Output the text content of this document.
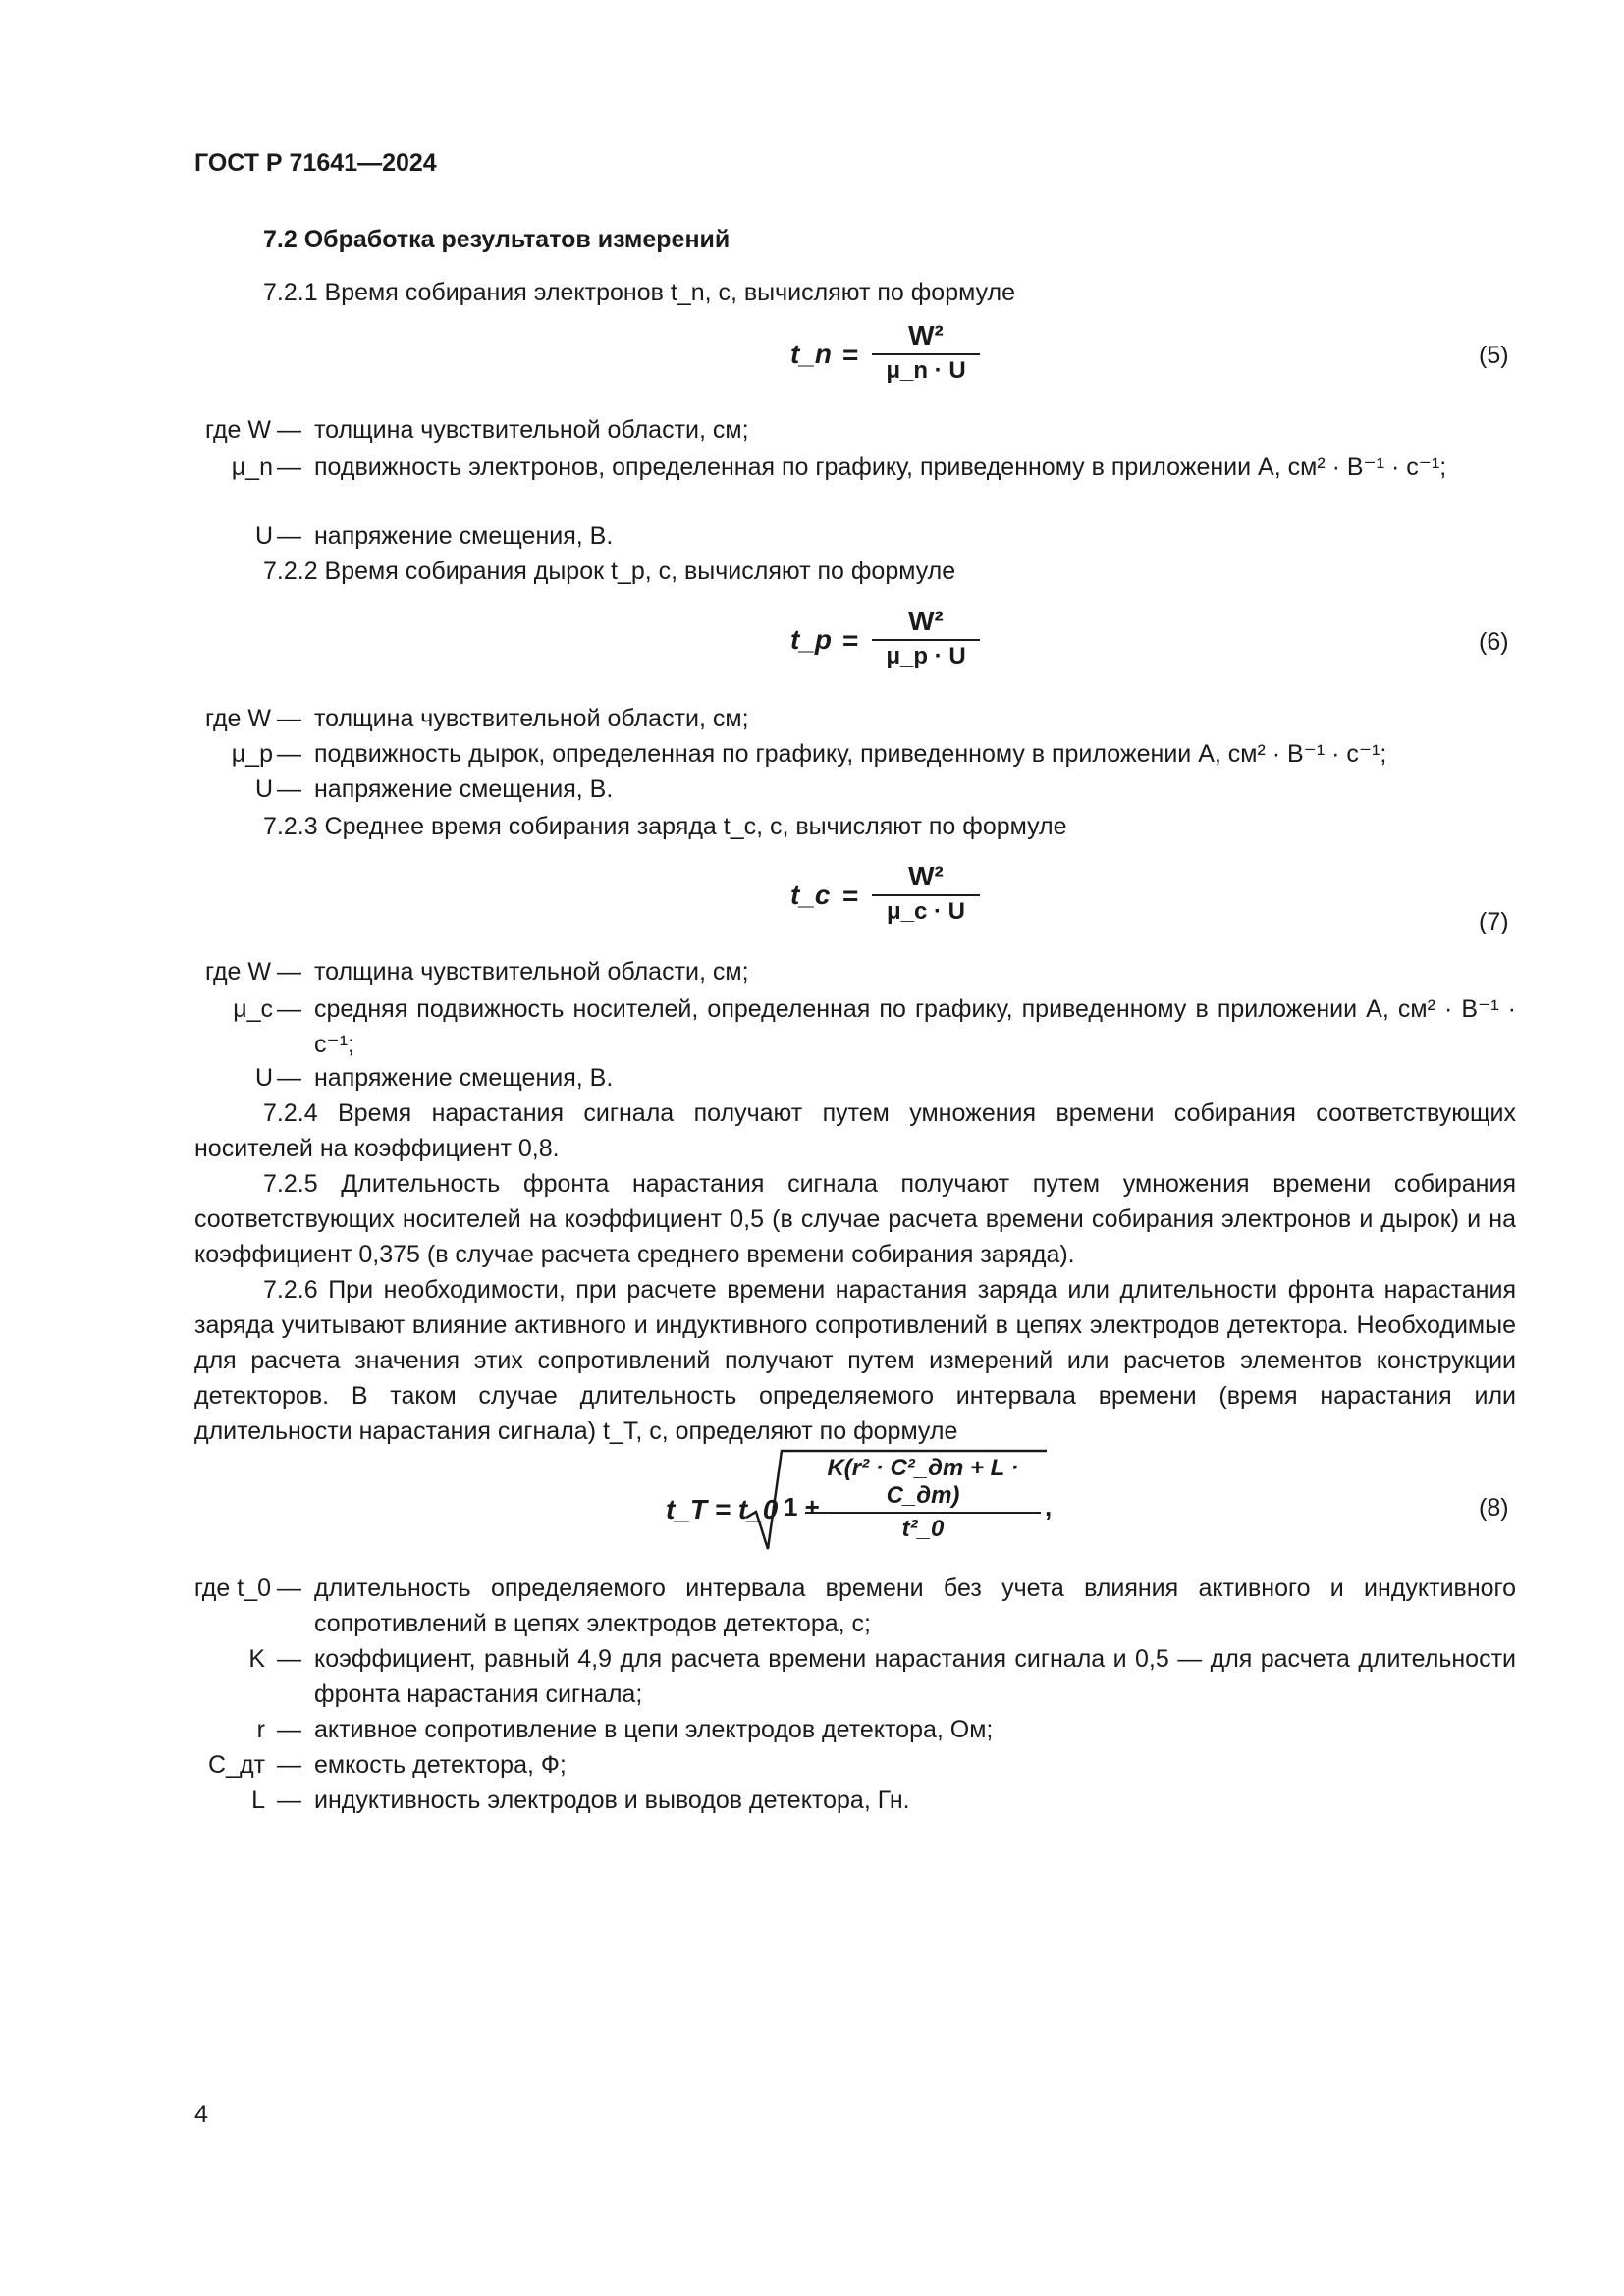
ГОСТ Р 71641—2024
7.2 Обработка результатов измерений
7.2.1 Время собирания электронов t_n, с, вычисляют по формуле
t_n =
W²
μ_n · U
(5)
где W — толщина чувствительной области, см;
μ_n — подвижность электронов, определенная по графику, приведенному в приложении А, см² · В⁻¹ · с⁻¹;
U — напряжение смещения, В.
7.2.2 Время собирания дырок t_p, с, вычисляют по формуле
t_p =
W²
μ_p · U
(6)
где W — толщина чувствительной области, см;
μ_p — подвижность дырок, определенная по графику, приведенному в приложении А, см² · В⁻¹ · с⁻¹;
U — напряжение смещения, В.
7.2.3 Среднее время собирания заряда t_c, с, вычисляют по формуле
t_c =
W²
μ_c · U	(7)
где W — толщина чувствительной области, см;
μ_c — средняя подвижность носителей, определенная по графику, приведенному в приложении А, см² · В⁻¹ · с⁻¹;
U — напряжение смещения, В.
7.2.4 Время нарастания сигнала получают путем умножения времени собирания соответствующих носителей на коэффициент 0,8.
7.2.5 Длительность фронта нарастания сигнала получают путем умножения времени собирания соответствующих носителей на коэффициент 0,5 (в случае расчета времени собирания электронов и дырок) и на коэффициент 0,375 (в случае расчета среднего времени собирания заряда).
7.2.6 При необходимости, при расчете времени нарастания заряда или длительности фронта нарастания заряда учитывают влияние активного и индуктивного сопротивлений в цепях электродов детектора. Необходимые для расчета значения этих сопротивлений получают путем измерений или расчетов элементов конструкции детекторов. В таком случае длительность определяемого интервала времени (время нарастания или длительности нарастания сигнала) t_T, с, определяют по формуле
t_T = t_0 1 +
K(r² · C²_дт + L · C_дт)
t²_0
,	(8)
где t_0 — длительность определяемого интервала времени без учета влияния активного и индуктивного сопротивлений в цепях электродов детектора, с;
K — коэффициент, равный 4,9 для расчета времени нарастания сигнала и 0,5 — для расчета длительности фронта нарастания сигнала;
r — активное сопротивление в цепи электродов детектора, Ом;
C_дт — емкость детектора, Ф;
L — индуктивность электродов и выводов детектора, Гн.
4
